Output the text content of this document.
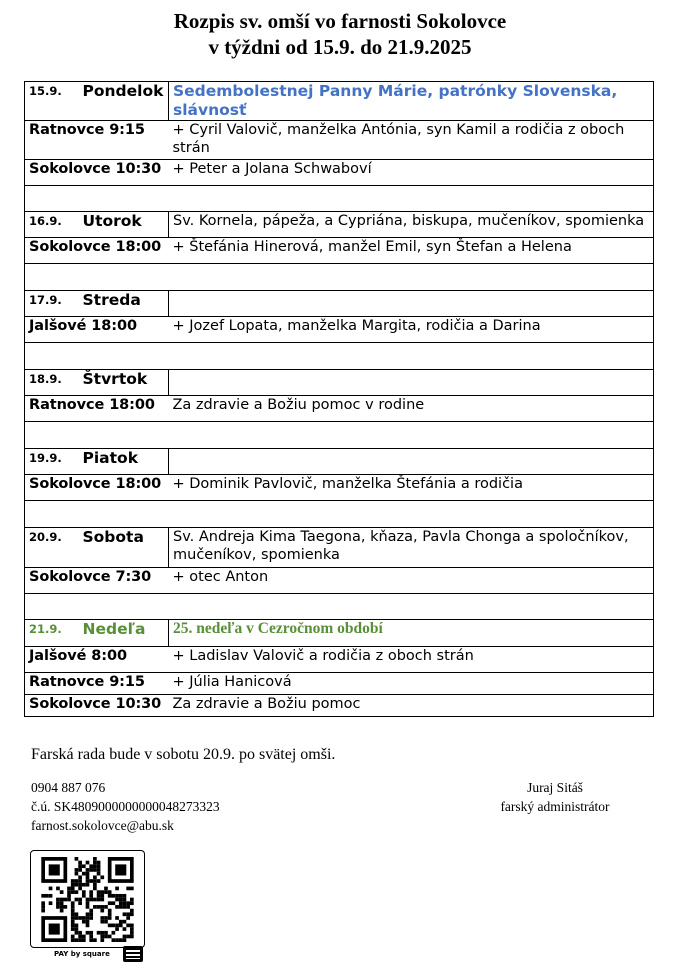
Rozpis sv. omší vo farnosti Sokolovce
v týždni od 15.9. do 21.9.2025
15.9.	Pondelok	Sedembolestnej Panny Márie, patrónky Slovenska, slávnosť
Ratnovce 9:15		+ Cyril Valovič, manželka Antónia, syn Kamil a rodičia z oboch strán
Sokolovce 10:30		+ Peter a Jolana Schwaboví

16.9.	Utorok	Sv. Kornela, pápeža, a Cypriána, biskupa, mučeníkov, spomienka
Sokolovce 18:00		+ Štefánia Hinerová, manžel Emil, syn Štefan a Helena

17.9.	Streda	
Jalšové 18:00		+ Jozef Lopata, manželka Margita, rodičia a Darina

18.9.	Štvrtok	
Ratnovce 18:00		Za zdravie a Božiu pomoc v rodine

19.9.	Piatok	
Sokolovce 18:00		+ Dominik Pavlovič, manželka Štefánia a rodičia

20.9.	Sobota	Sv. Andreja Kima Taegona, kňaza, Pavla Chonga a spoločníkov, mučeníkov, spomienka
Sokolovce 7:30		+ otec Anton

21.9.	Nedeľa	25. nedeľa v Cezročnom období
Jalšové 8:00		+ Ladislav Valovič a rodičia z oboch strán
Ratnovce 9:15		+ Júlia Hanicová
Sokolovce 10:30		Za zdravie a Božiu pomoc
Farská rada bude v sobotu 20.9. po svätej omši.
0904 887 076
č.ú. SK4809000000000048273323
farnost.sokolovce@abu.sk
Juraj Sitáš
farský administrátor
PAY by square
